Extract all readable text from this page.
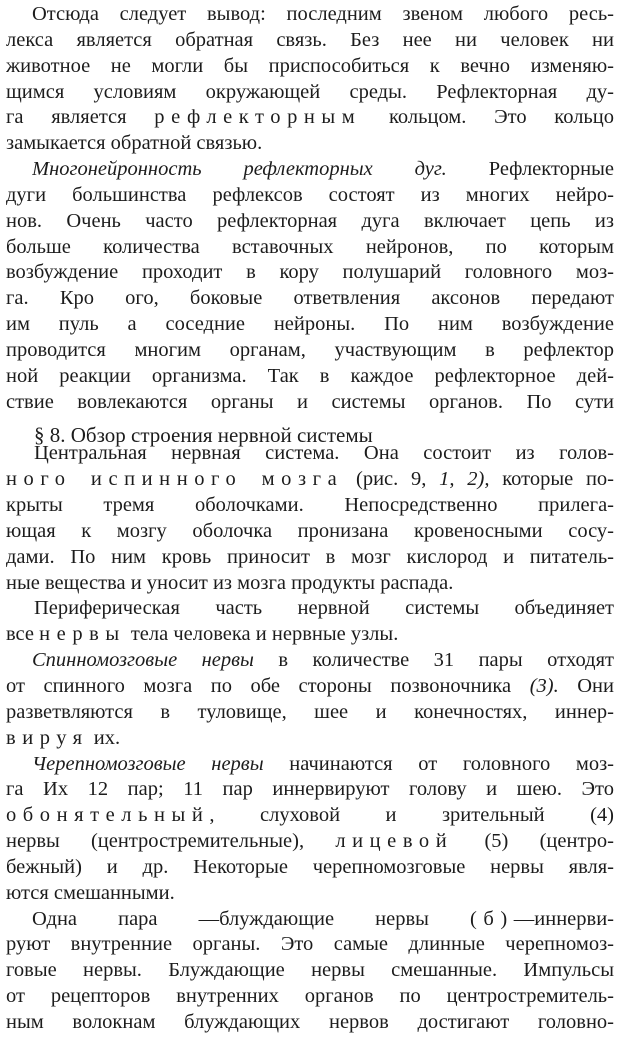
Отсюда следует вывод: последним звеном любого ресь-
лекса является обратная связь. Без нее ни человек ни
животное не могли бы приспособиться к вечно изменяю-
щимся условиям окружающей среды. Рефлекторная ду-
га является рефлекторным кольцом. Это кольцо
замыкается обратной связью.
Многонейронность рефлекторных дуг. Рефлекторные
дуги большинства рефлексов состоят из многих нейро-
нов. Очень часто рефлекторная дуга включает цепь из
больше количества вставочных нейронов, по которым
возбуждение проходит в кору полушарий головного моз-
га. Кро ого, боковые ответвления аксонов передают
им пуль а соседние нейроны. По ним возбуждение
проводится многим органам, участвующим в рефлектор
ной реакции организма. Так в каждое рефлекторное дей-
ствие вовлекаются органы и системы органов. По сути
§ 8. Обзор строения нервной системы
Центральная нервная система. Она состоит из голов-
ного испинного мозга (рис. 9, 1, 2), которые по-
крыты тремя оболочками. Непосредственно прилега-
ющая к мозгу оболочка пронизана кровеносными сосу-
дами. По ним кровь приносит в мозг кислород и питатель-
ные вещества и уносит из мозга продукты распада.
Периферическая часть нервной системы объединяет
все нервы тела человека и нервные узлы.
Спинномозговые нервы в количестве 31 пары отходят
от спинного мозга по обе стороны позвоночника (3). Они
разветвляются в туловище, шее и конечностях, иннер-
вируя их.
Черепномозговые нервы начинаются от головного моз-
га Их 12 пар; 11 пар иннервируют голову и шею. Это
обонятельный, слуховой и зрительный (4)
нервы (центростремительные), лицевой (5) (центро-
бежный) и др. Некоторые черепномозговые нервы явля-
ются смешанными.
Одна пара —блуждающие нервы (б)—иннерви-
руют внутренние органы. Это самые длинные черепномоз-
говые нервы. Блуждающие нервы смешанные. Импульсы
от рецепторов внутренних органов по центростремитель-
ным волокнам блуждающих нервов достигают головно-
